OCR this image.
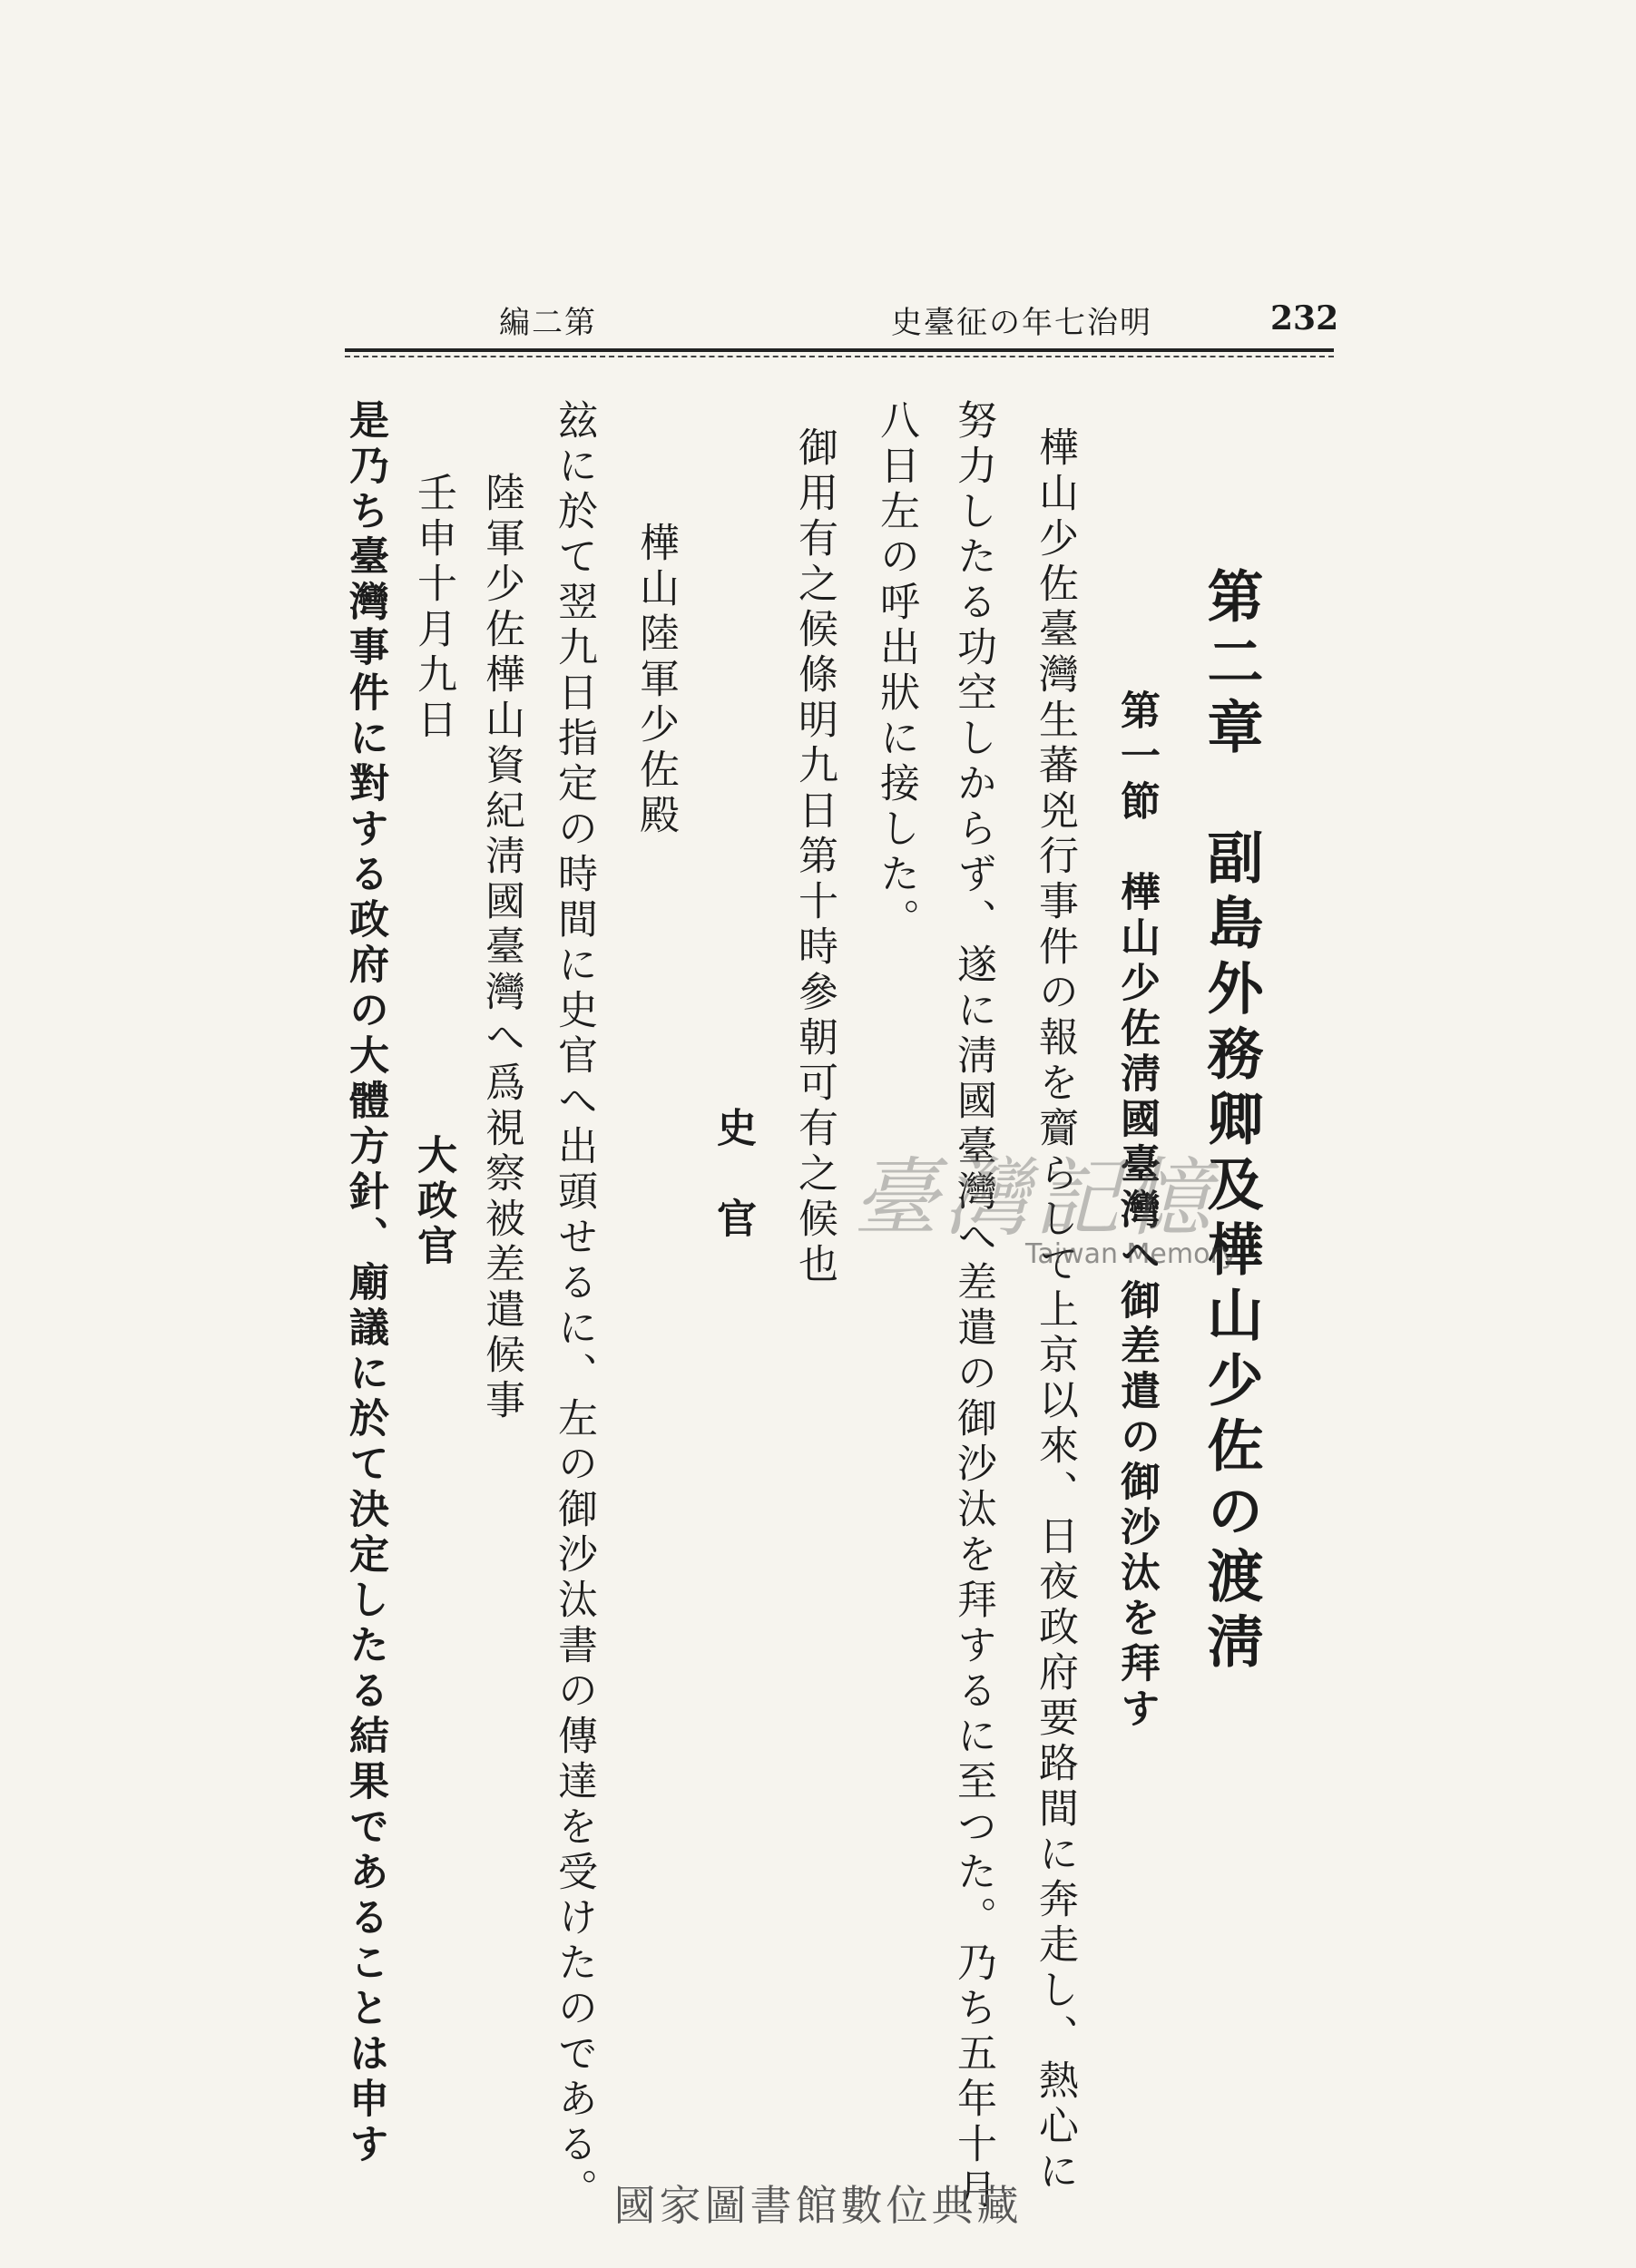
232
明治七年の征臺史
第二編
第二章　副島外務卿及樺山少佐の渡淸
第一節　樺山少佐淸國臺灣へ御差遣の御沙汰を拜す
樺山少佐臺灣生蕃兇行事件の報を齎らして上京以來、日夜政府要路間に奔走し、熱心に
努力したる功空しからず、遂に淸國臺灣へ差遣の御沙汰を拜するに至つた。乃ち五年十月
八日左の呼出狀に接した。
御用有之候條明九日第十時參朝可有之候也
史　官
樺山陸軍少佐殿
玆に於て翌九日指定の時間に史官へ出頭せるに、左の御沙汰書の傳達を受けたのである。
陸軍少佐樺山資紀淸國臺灣へ爲視察被差遣候事
壬申十月九日
大政官
是乃ち臺灣事件に對する政府の大體方針、廟議に於て決定したる結果であることは申す	臺灣記憶
Taiwan Memory
國家圖書館數位典藏
